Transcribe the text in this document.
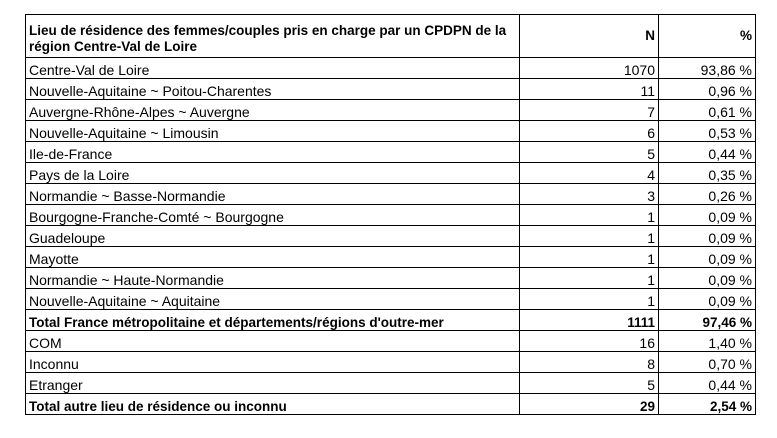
Lieu de résidence des femmes/couples pris en charge par un CPDPN de la région Centre-Val de Loire	N	%
Centre-Val de Loire	1070	93,86 %
Nouvelle-Aquitaine ~ Poitou-Charentes	11	0,96 %
Auvergne-Rhône-Alpes ~ Auvergne	7	0,61 %
Nouvelle-Aquitaine ~ Limousin	6	0,53 %
Ile-de-France	5	0,44 %
Pays de la Loire	4	0,35 %
Normandie ~ Basse-Normandie	3	0,26 %
Bourgogne-Franche-Comté ~ Bourgogne	1	0,09 %
Guadeloupe	1	0,09 %
Mayotte	1	0,09 %
Normandie ~ Haute-Normandie	1	0,09 %
Nouvelle-Aquitaine ~ Aquitaine	1	0,09 %
Total France métropolitaine et départements/régions d'outre-mer	1111	97,46 %
COM	16	1,40 %
Inconnu	8	0,70 %
Etranger	5	0,44 %
Total autre lieu de résidence ou inconnu	29	2,54 %
